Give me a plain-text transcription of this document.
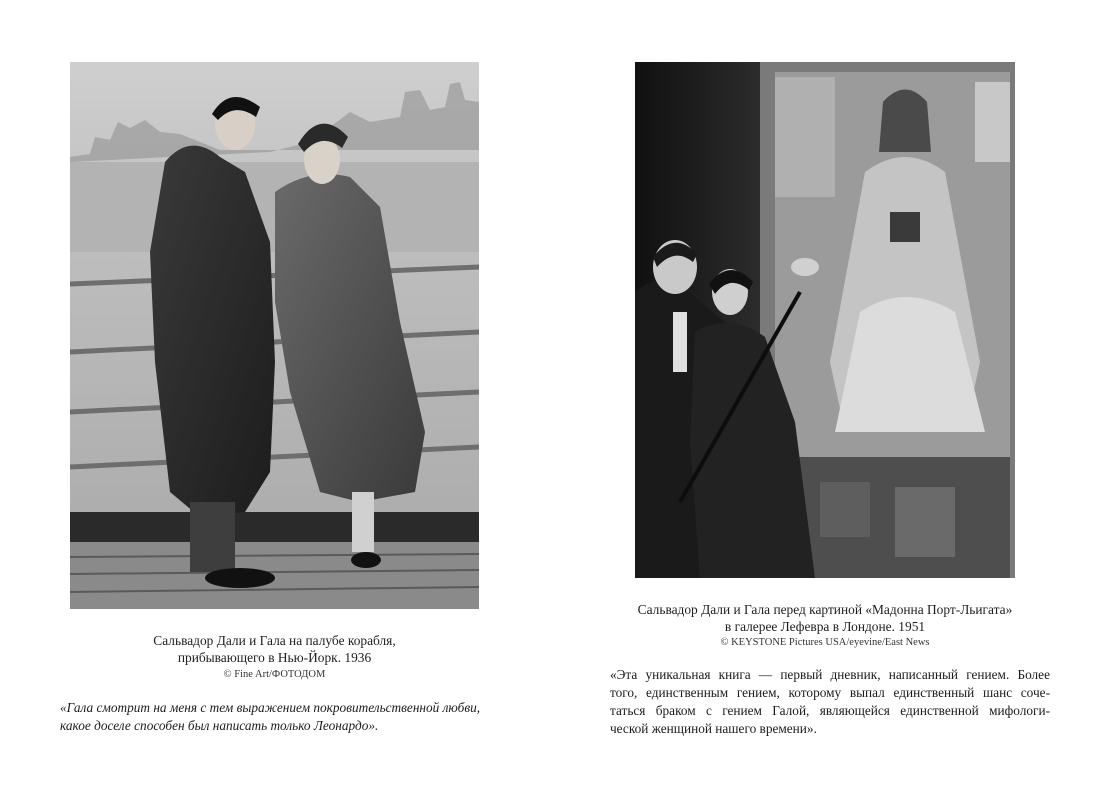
Сальвадор Дали и Гала на палубе корабля,
прибывающего в Нью-Йорк. 1936
© Fine Art/ФОТОДОМ
«Гала смотрит на меня с тем выражением покровительственной любви,
какое доселе способен был написать только Леонардо».
Сальвадор Дали и Гала перед картиной «Мадонна Порт-Льигата»
в галерее Лефевра в Лондоне. 1951
© KEYSTONE Pictures USA/eyevine/East News
«Эта уникальная книга — первый дневник, написанный гением. Более
того, единственным гением, которому выпал единственный шанс соче-
таться браком с гением Галой, являющейся единственной мифологи-
ческой женщиной нашего времени».
